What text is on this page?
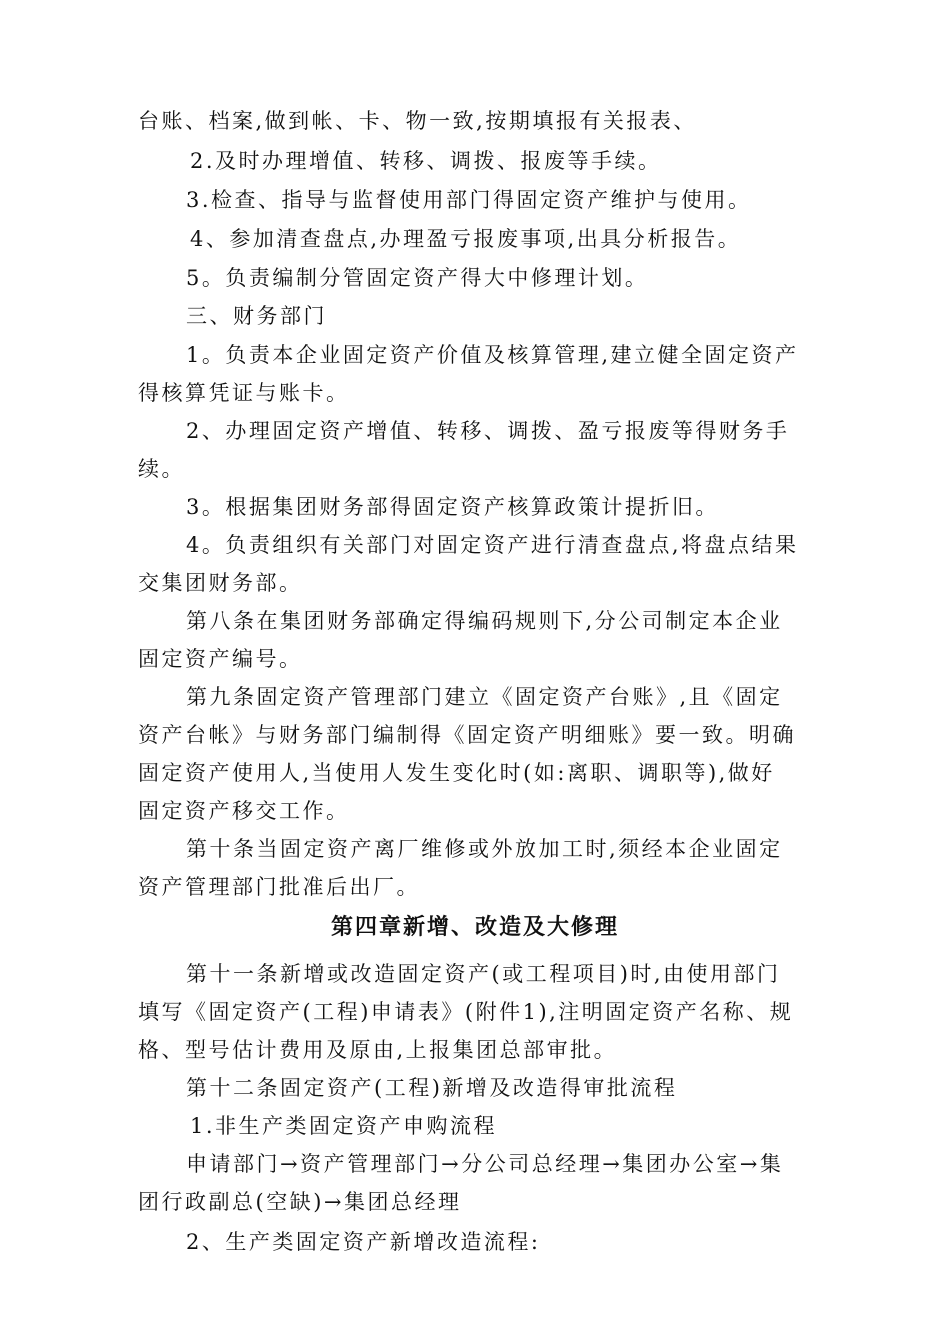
台账、档案,做到帐、卡、物一致,按期填报有关报表、
2.及时办理增值、转移、调拨、报废等手续。
3.检查、指导与监督使用部门得固定资产维护与使用。
4、参加清查盘点,办理盈亏报废事项,出具分析报告。
5。负责编制分管固定资产得大中修理计划。
三、财务部门
1。负责本企业固定资产价值及核算管理,建立健全固定资产
得核算凭证与账卡。
2、办理固定资产增值、转移、调拨、盈亏报废等得财务手
续。
3。根据集团财务部得固定资产核算政策计提折旧。
4。负责组织有关部门对固定资产进行清查盘点,将盘点结果
交集团财务部。
第八条在集团财务部确定得编码规则下,分公司制定本企业
固定资产编号。
第九条固定资产管理部门建立《固定资产台账》,且《固定
资产台帐》与财务部门编制得《固定资产明细账》要一致。明确
固定资产使用人,当使用人发生变化时(如:离职、调职等),做好
固定资产移交工作。
第十条当固定资产离厂维修或外放加工时,须经本企业固定
资产管理部门批准后出厂。
第四章新增、改造及大修理
第十一条新增或改造固定资产(或工程项目)时,由使用部门
填写《固定资产(工程)申请表》(附件1),注明固定资产名称、规
格、型号估计费用及原由,上报集团总部审批。
第十二条固定资产(工程)新增及改造得审批流程
1.非生产类固定资产申购流程
申请部门→资产管理部门→分公司总经理→集团办公室→集
团行政副总(空缺)→集团总经理
2、生产类固定资产新增改造流程:
